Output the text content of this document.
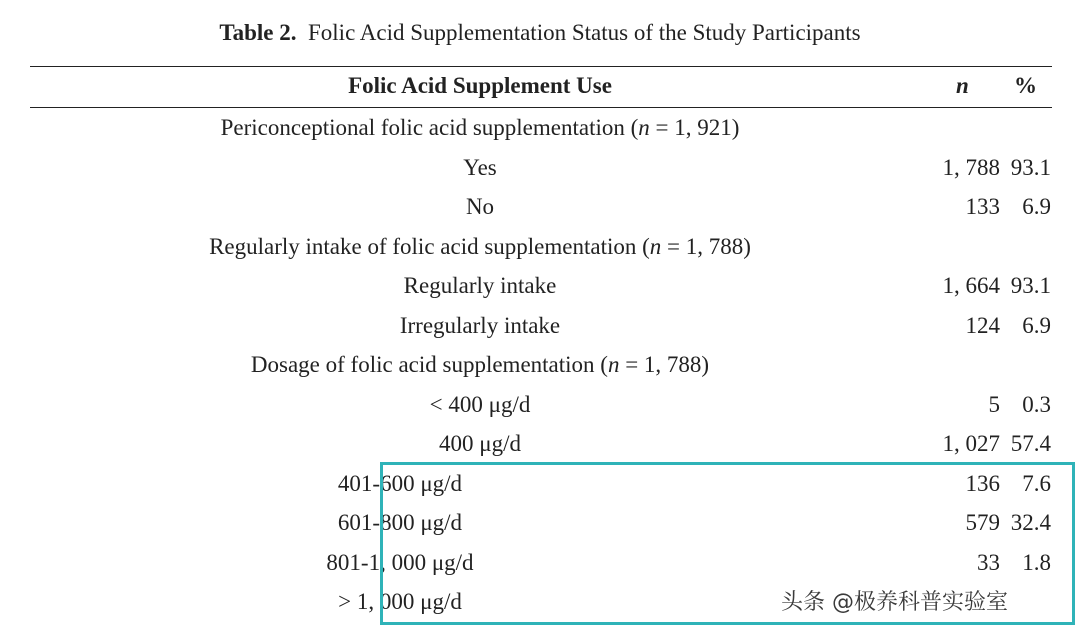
Table 2. Folic Acid Supplementation Status of the Study Participants
Folic Acid Supplement Use	n %
Periconceptional folic acid supplementation (n = 1, 921)
Yes	1, 788 93.1
No	133 6.9
Regularly intake of folic acid supplementation (n = 1, 788)
Regularly intake	1, 664 93.1
Irregularly intake	124 6.9
Dosage of folic acid supplementation (n = 1, 788)
< 400 μg/d	5 0.3
400 μg/d	1, 027 57.4
401-600 μg/d	136 7.6
601-800 μg/d	579 32.4
801-1, 000 μg/d	33 1.8
> 1, 000 μg/d	头条 @极养科普实验室
